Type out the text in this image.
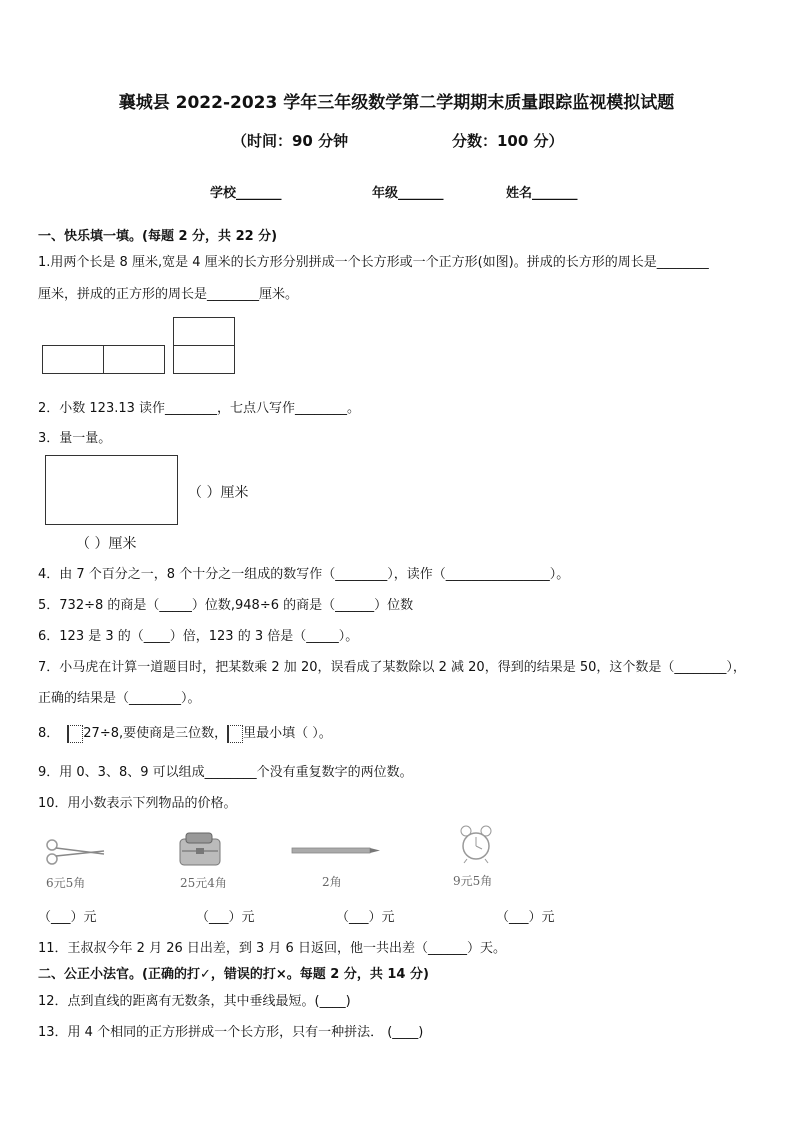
襄城县 2022-2023 学年三年级数学第二学期期末质量跟踪监视模拟试题
（时间：90 分钟	分数：100 分）
学校_______	年级_______	姓名_______
一、快乐填一填。(每题 2 分，共 22 分)
1.用两个长是 8 厘米,宽是 4 厘米的长方形分别拼成一个长方形或一个正方形(如图)。拼成的长方形的周长是________
厘米，拼成的正方形的周长是________厘米。
2．小数 123.13 读作________，七点八写作________。
3．量一量。
（ ）厘米
（ ）厘米
4．由 7 个百分之一，8 个十分之一组成的数写作（________），读作（________________）。
5．732÷8 的商是（_____）位数,948÷6 的商是（______）位数
6．123 是 3 的（____）倍，123 的 3 倍是（_____）。
7．小马虎在计算一道题目时，把某数乘 2 加 20，误看成了某数除以 2 减 20，得到的结果是 50，这个数是（________），
正确的结果是（________）。
8． 27÷8,要使商是三位数， 里最小填（ ）。
9．用 0、3、8、9 可以组成________个没有重复数字的两位数。
10．用小数表示下列物品的价格。
6元5角	25元4角	2角	9元5角
（___）元	（___）元	（___）元	（___）元
11．王叔叔今年 2 月 26 日出差，到 3 月 6 日返回，他一共出差（______）天。
二、公正小法官。(正确的打✓，错误的打×。每题 2 分，共 14 分)
12．点到直线的距离有无数条，其中垂线最短。(____)
13．用 4 个相同的正方形拼成一个长方形，只有一种拼法． (____)
